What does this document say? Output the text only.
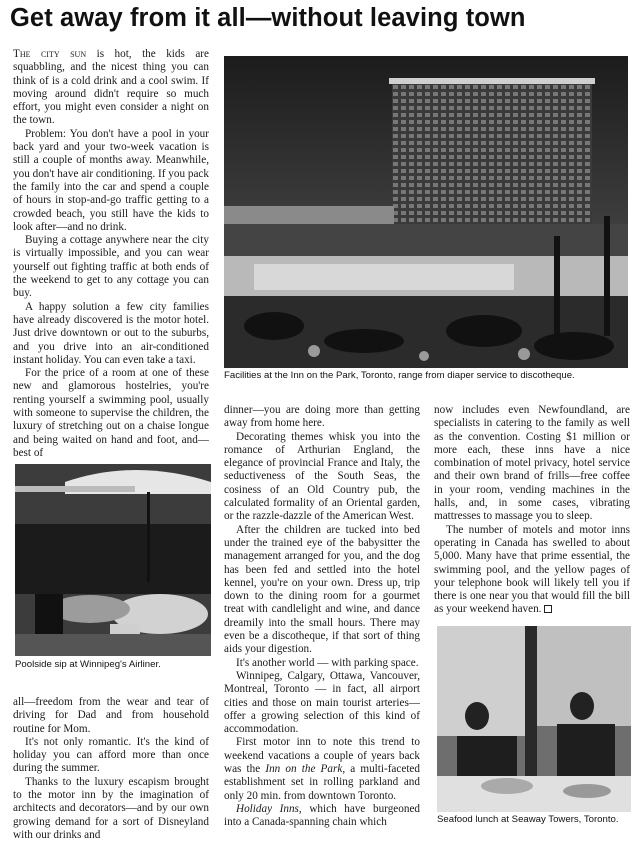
Get away from it all—without leaving town

The city sun is hot, the kids are squabbling, and the nicest thing you can think of is a cold drink and a cool swim. If moving around didn't require so much effort, you might even consider a night on the town.

Problem: You don't have a pool in your back yard and your two-week vacation is still a couple of months away. Meanwhile, you don't have air conditioning. If you pack the family into the car and spend a couple of hours in stop-and-go traffic getting to a crowded beach, you still have the kids to look after—and no drink.

Buying a cottage anywhere near the city is virtually impossible, and you can wear yourself out fighting traffic at both ends of the weekend to get to any cottage you can buy.

A happy solution a few city families have already discovered is the motor hotel. Just drive downtown or out to the suburbs, and you drive into an air-conditioned instant holiday. You can even take a taxi.

For the price of a room at one of these new and glamorous hostelries, you're renting yourself a swimming pool, usually with someone to supervise the children, the luxury of stretching out on a chaise longue and being waited on hand and foot, and—best of

Facilities at the Inn on the Park, Toronto, range from diaper service to discotheque.

dinner—you are doing more than getting away from home here.

Decorating themes whisk you into the romance of Arthurian England, the elegance of provincial France and Italy, the seductiveness of the South Seas, the cosiness of an Old Country pub, the calculated formality of an Oriental garden, or the razzle-dazzle of the American West.

After the children are tucked into bed under the trained eye of the babysitter the management arranged for you, and the dog has been fed and settled into the hotel kennel, you're on your own. Dress up, trip down to the dining room for a gourmet treat with candlelight and wine, and dance dreamily into the small hours. There may even be a discotheque, if that sort of thing aids your digestion.

It's another world — with parking space.

Winnipeg, Calgary, Ottawa, Vancouver, Montreal, Toronto — in fact, all airport cities and those on main tourist arteries—offer a growing selection of this kind of accommodation.

First motor inn to note this trend to weekend vacations a couple of years back was the Inn on the Park, a multi-faceted establishment set in rolling parkland and only 20 min. from downtown Toronto.

Holiday Inns, which have burgeoned into a Canada-spanning chain which

now includes even Newfoundland, are specialists in catering to the family as well as the convention. Costing $1 million or more each, these inns have a nice combination of motel privacy, hotel service and their own brand of frills—free coffee in your room, vending machines in the halls, and, in some cases, vibrating mattresses to massage you to sleep.

The number of motels and motor inns operating in Canada has swelled to about 5,000. Many have that prime essential, the swimming pool, and the yellow pages of your telephone book will likely tell you if there is one near you that would fill the bill as your weekend haven.

Poolside sip at Winnipeg's Airliner.

all—freedom from the wear and tear of driving for Dad and from household routine for Mom.

It's not only romantic. It's the kind of holiday you can afford more than once during the summer.

Thanks to the luxury escapism brought to the motor inn by the imagination of architects and decorators—and by our own growing demand for a sort of Disneyland with our drinks and

Seafood lunch at Seaway Towers, Toronto.
